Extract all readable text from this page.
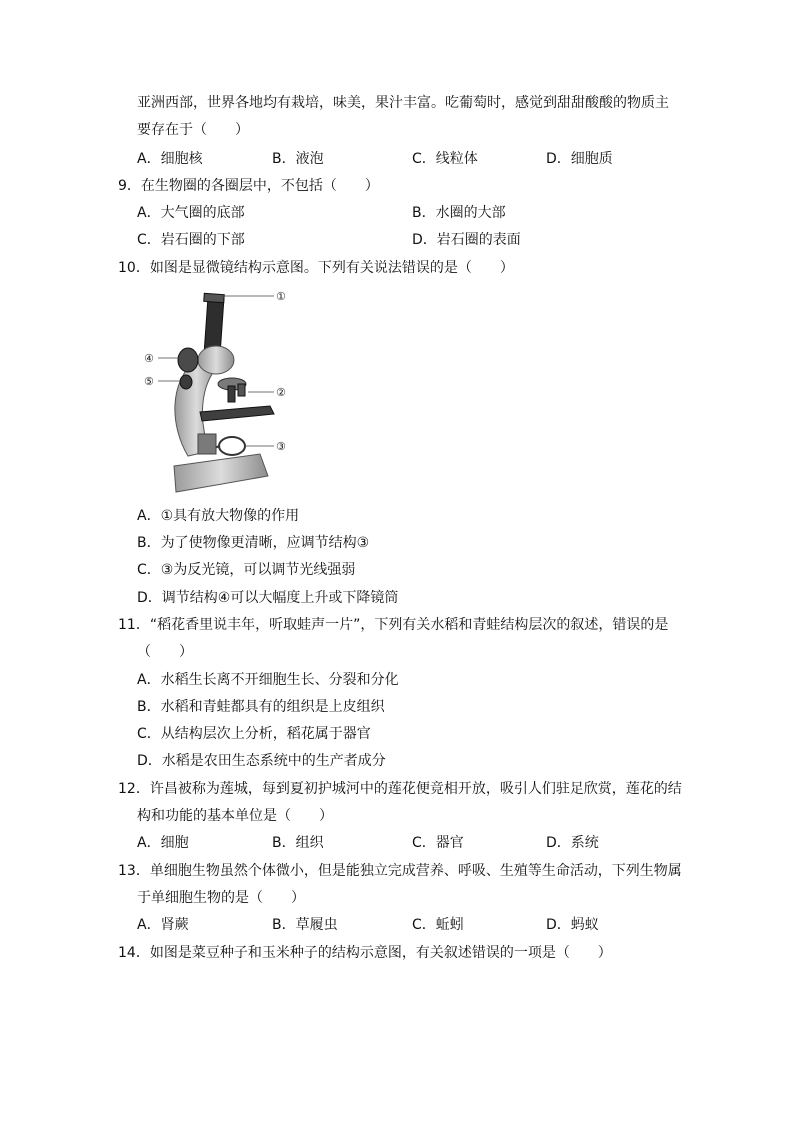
亚洲西部，世界各地均有栽培，味美，果汁丰富。吃葡萄时，感觉到甜甜酸酸的物质主
要存在于（　　）
A．细胞核	B．液泡	C．线粒体	D．细胞质
9．在生物圈的各圈层中，不包括（　　）
A．大气圈的底部	B．水圈的大部
C．岩石圈的下部	D．岩石圈的表面
10．如图是显微镜结构示意图。下列有关说法错误的是（　　）
①
②
③
④
⑤
A．①具有放大物像的作用
B．为了使物像更清晰，应调节结构③
C．③为反光镜，可以调节光线强弱
D．调节结构④可以大幅度上升或下降镜筒
11．“稻花香里说丰年，听取蛙声一片”，下列有关水稻和青蛙结构层次的叙述，错误的是
（　　）
A．水稻生长离不开细胞生长、分裂和分化
B．水稻和青蛙都具有的组织是上皮组织
C．从结构层次上分析，稻花属于器官
D．水稻是农田生态系统中的生产者成分
12．许昌被称为莲城，每到夏初护城河中的莲花便竞相开放，吸引人们驻足欣赏，莲花的结
构和功能的基本单位是（　　）
A．细胞	B．组织	C．器官	D．系统
13．单细胞生物虽然个体微小，但是能独立完成营养、呼吸、生殖等生命活动，下列生物属
于单细胞生物的是（　　）
A．肾蕨	B．草履虫	C．蚯蚓	D．蚂蚁
14．如图是菜豆种子和玉米种子的结构示意图，有关叙述错误的一项是（　　）
